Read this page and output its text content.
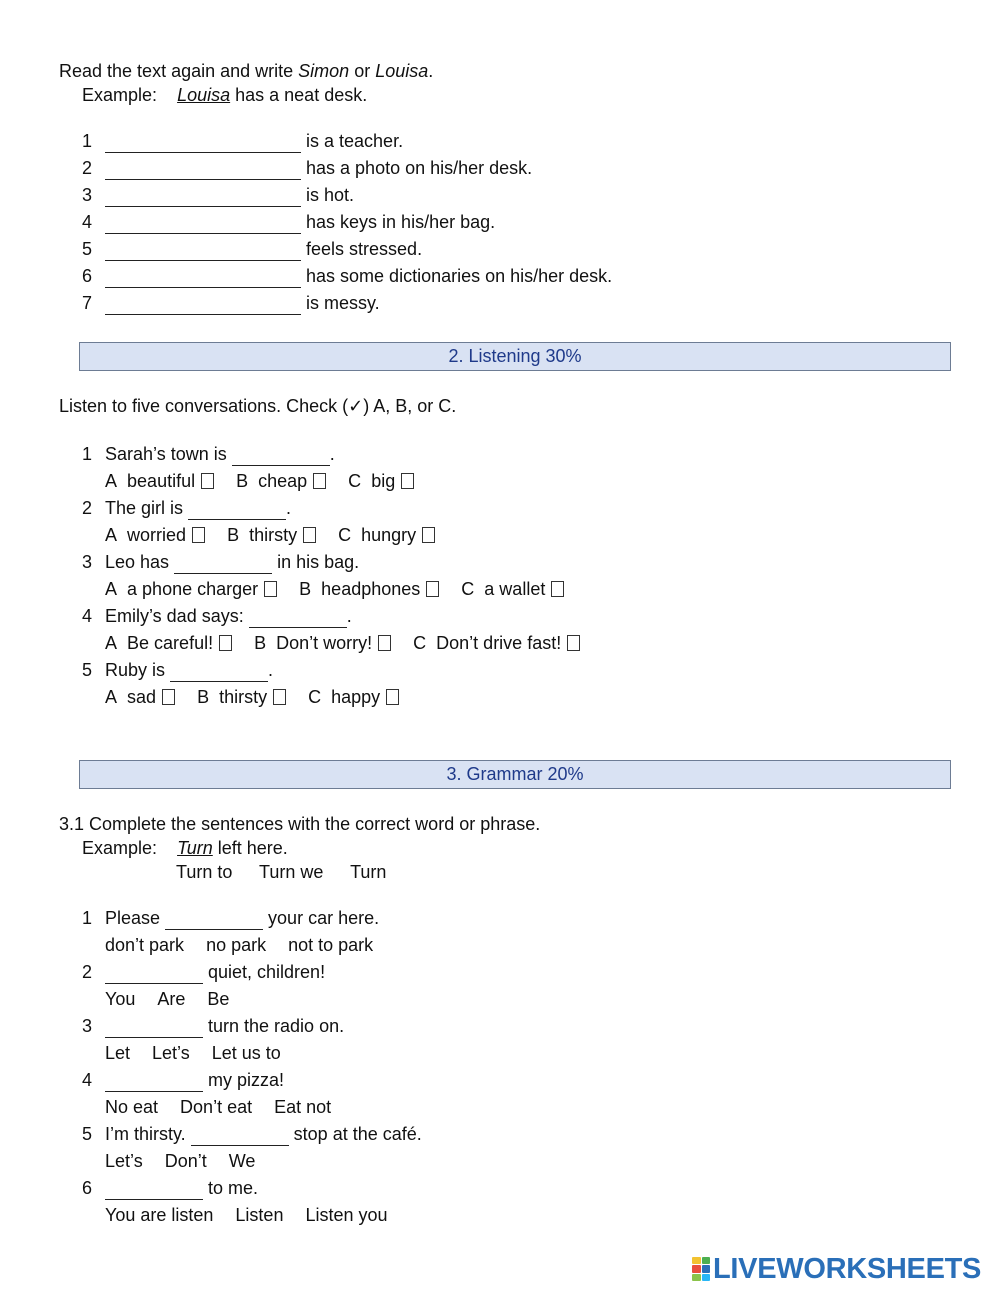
Read the text again and write Simon or Louisa.
Example: Louisa has a neat desk.
1	is a teacher.
2	has a photo on his/her desk.
3	is hot.
4	has keys in his/her bag.
5	feels stressed.
6	has some dictionaries on his/her desk.
7	is messy.
2. Listening 30%
Listen to five conversations. Check (✓) A, B, or C.
1 Sarah’s town is	.
A beautiful B cheap C big
2 The girl is	.
A worried B thirsty C hungry
3 Leo has	in his bag.
A a phone charger B headphones C a wallet
4 Emily’s dad says:	.
A Be careful! B Don’t worry! C Don’t drive fast!
5 Ruby is	.
A sad B thirsty C happy
3. Grammar 20%
3.1 Complete the sentences with the correct word or phrase.
Example: Turn left here.
Turn to Turn we Turn
1 Please	your car here.
don’t park no park not to park
2	quiet, children!
You Are Be
3	turn the radio on.
Let Let’s Let us to
4	my pizza!
No eat Don’t eat Eat not
5 I’m thirsty.	stop at the café.
Let’s Don’t We
6	to me.
You are listen Listen Listen you
LIVEWORKSHEETS
